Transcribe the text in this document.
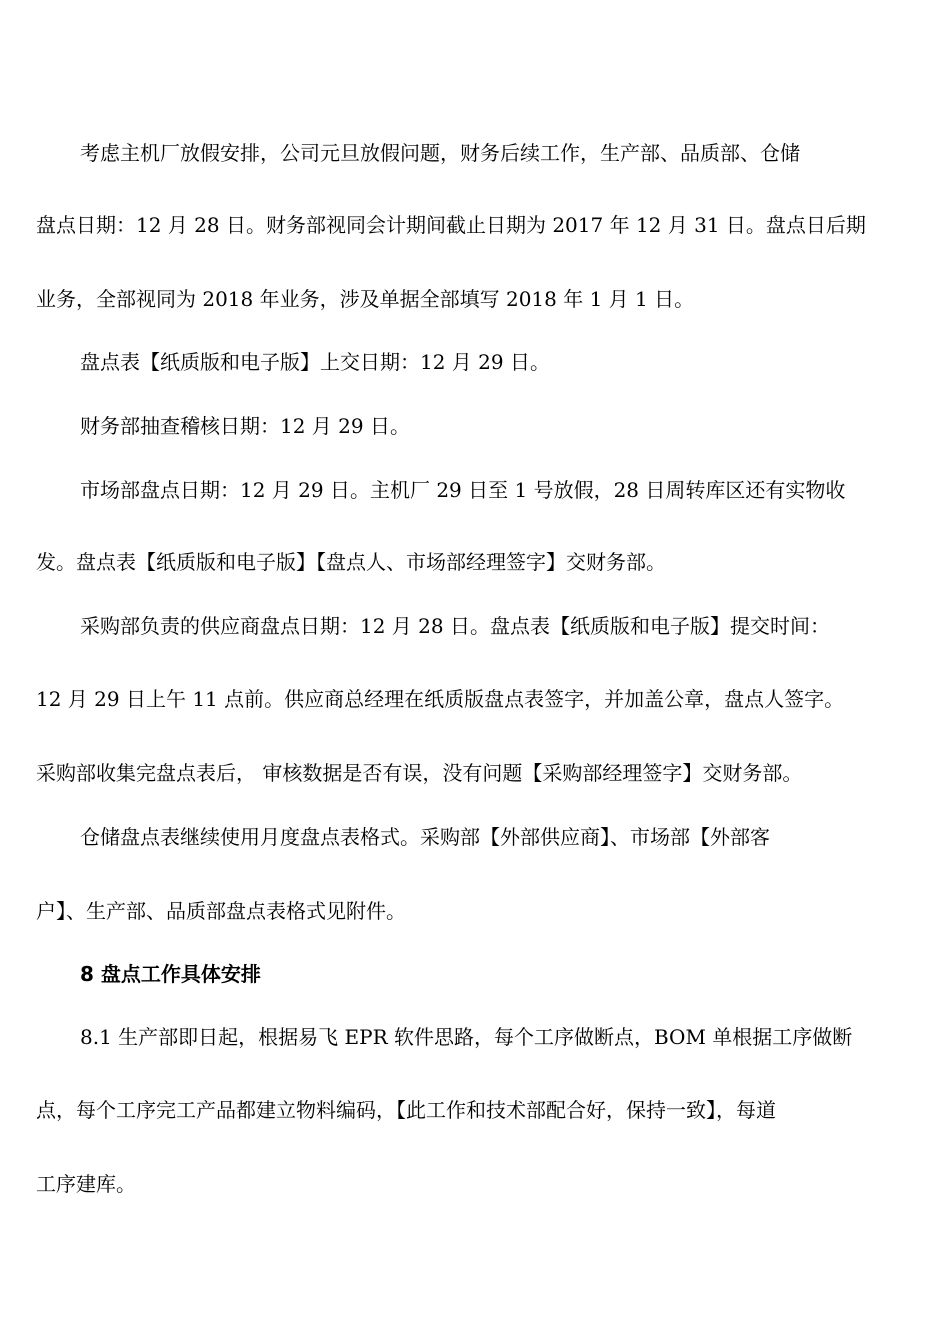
考虑主机厂放假安排，公司元旦放假问题，财务后续工作，生产部、品质部、仓储
盘点日期：12 月 28 日。财务部视同会计期间截止日期为 2017 年 12 月 31 日。盘点日后期
业务，全部视同为 2018 年业务，涉及单据全部填写 2018 年 1 月 1 日。
盘点表【纸质版和电子版】上交日期：12 月 29 日。
财务部抽查稽核日期：12 月 29 日。
市场部盘点日期：12 月 29 日。主机厂 29 日至 1 号放假，28 日周转库区还有实物收
发。盘点表【纸质版和电子版】【盘点人、市场部经理签字】交财务部。
采购部负责的供应商盘点日期：12 月 28 日。盘点表【纸质版和电子版】提交时间：
12 月 29 日上午 11 点前。供应商总经理在纸质版盘点表签字，并加盖公章，盘点人签字。
采购部收集完盘点表后， 审核数据是否有误，没有问题【采购部经理签字】交财务部。
仓储盘点表继续使用月度盘点表格式。采购部【外部供应商】、市场部【外部客
户】、生产部、品质部盘点表格式见附件。
8 盘点工作具体安排
8.1 生产部即日起，根据易飞 EPR 软件思路，每个工序做断点，BOM 单根据工序做断
点，每个工序完工产品都建立物料编码，【此工作和技术部配合好，保持一致】，每道
工序建库。
